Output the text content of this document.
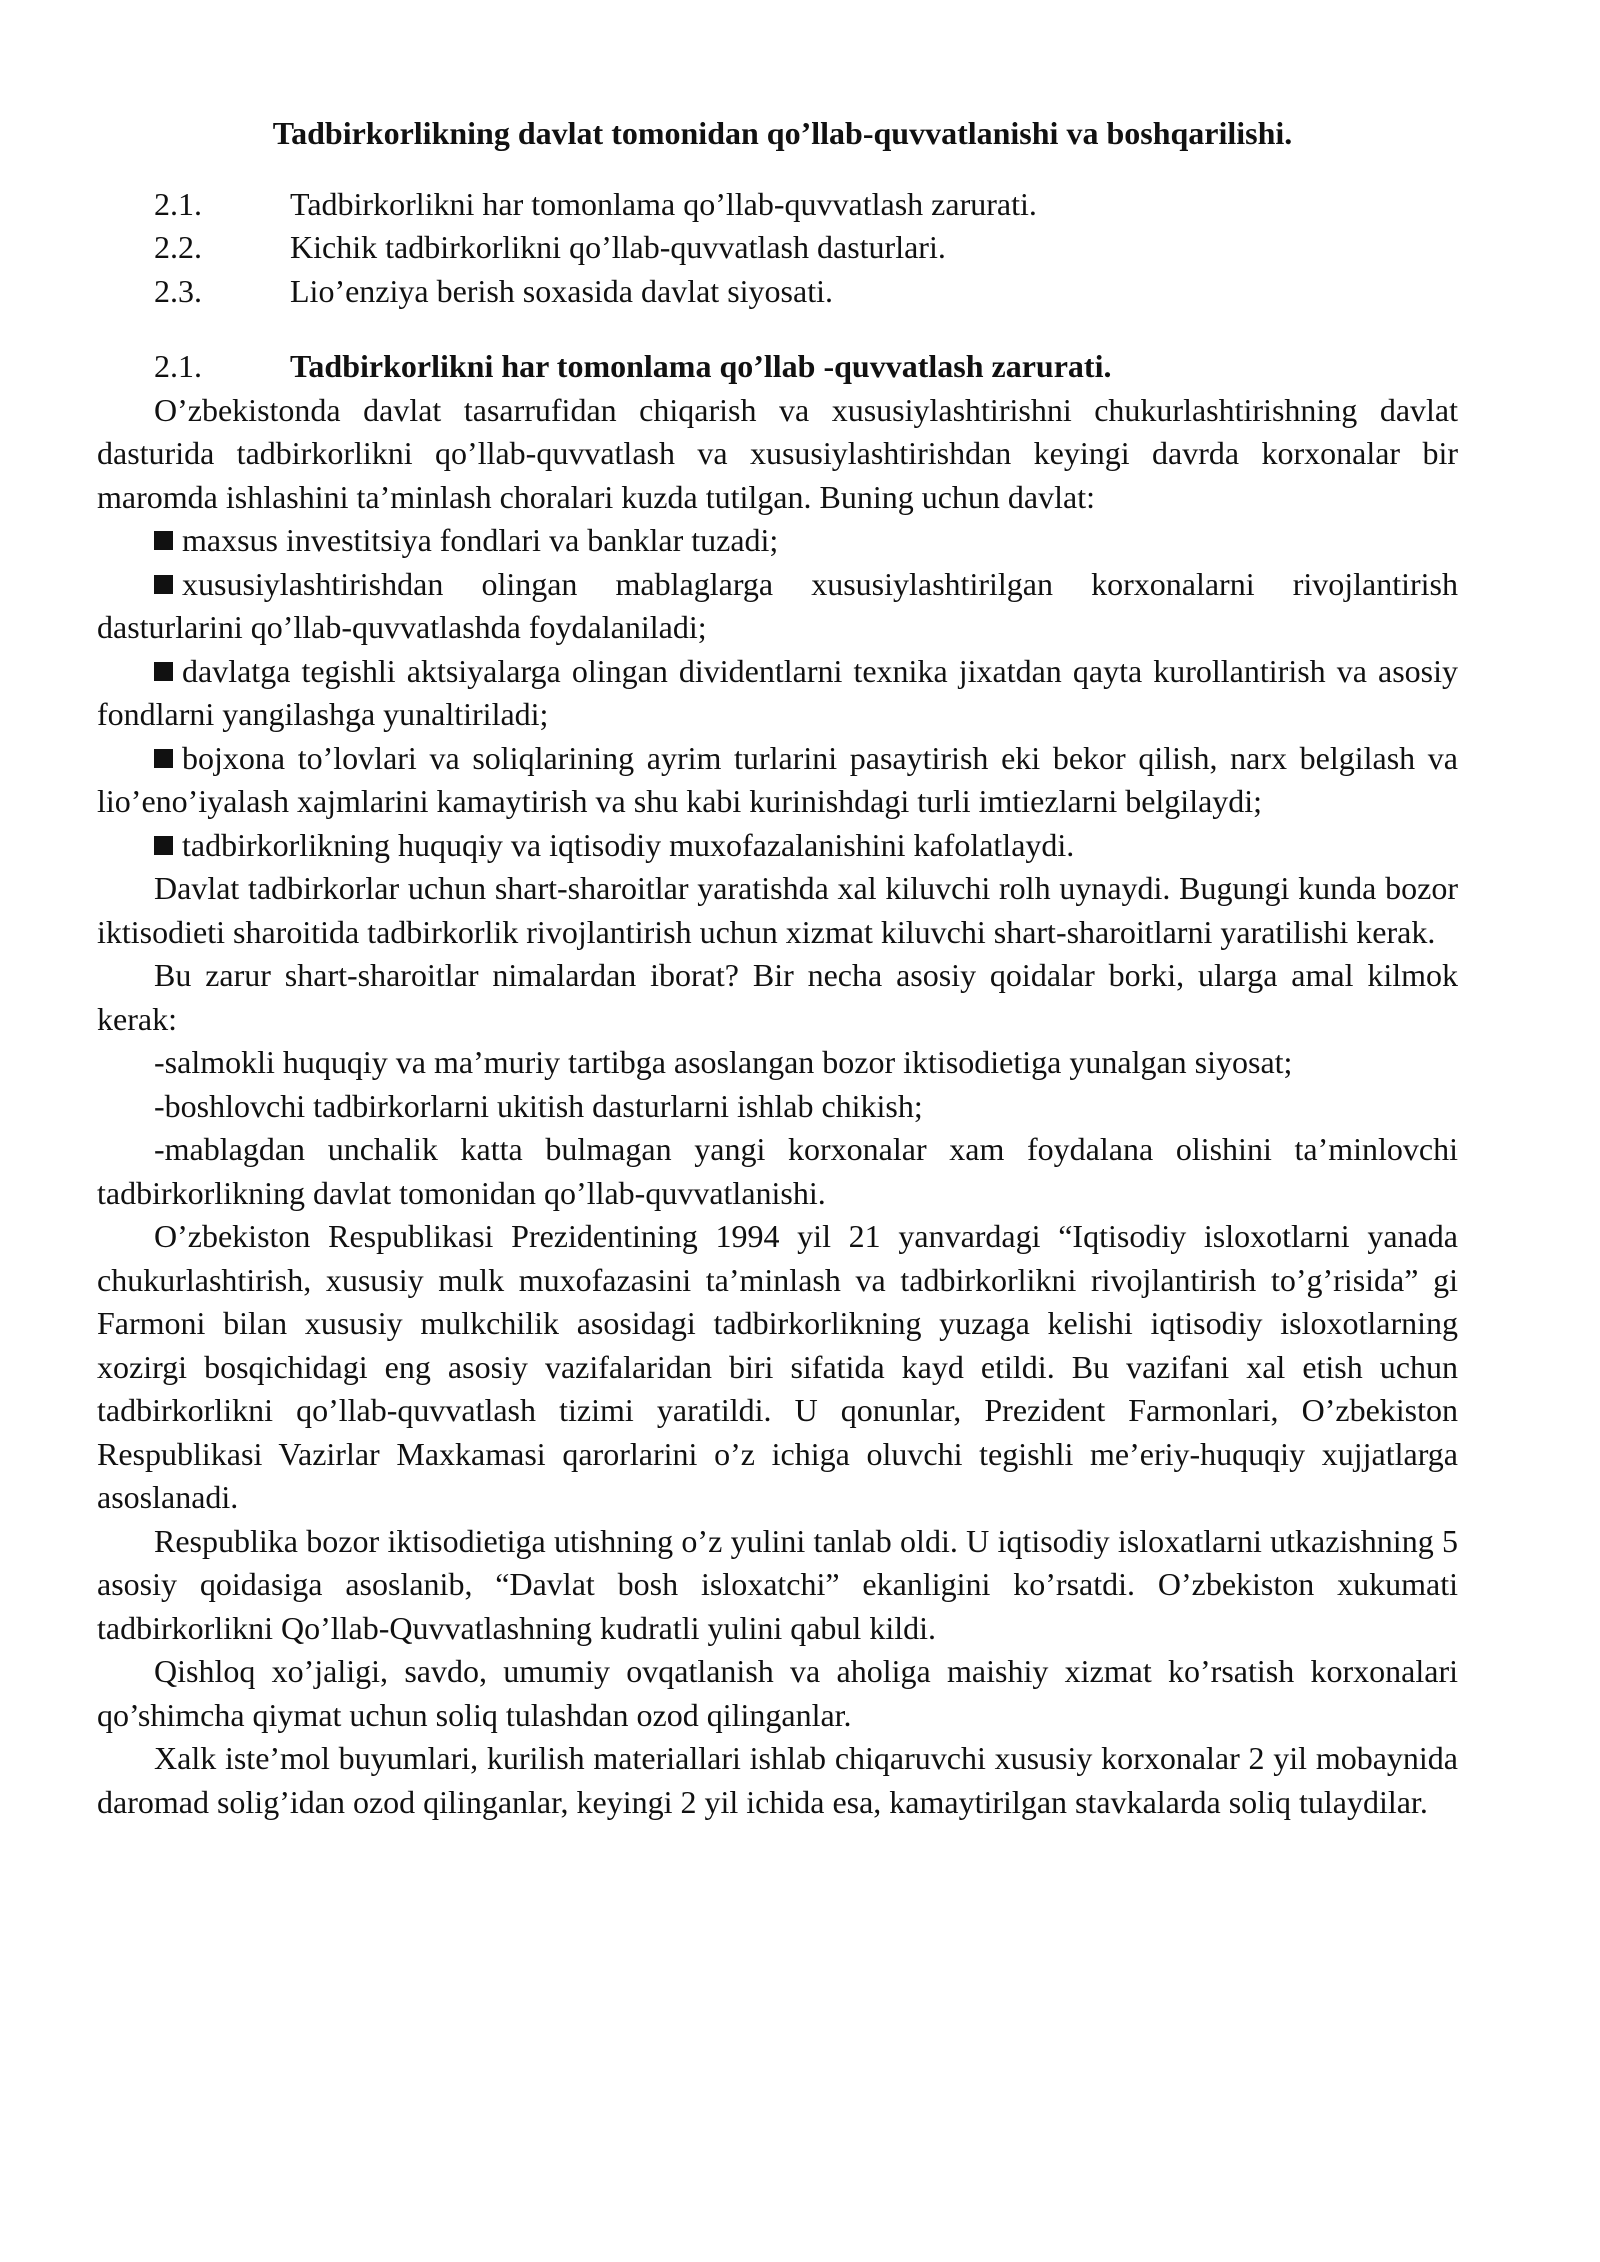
Tadbirkorlikning davlat tomonidan qo’llab-quvvatlanishi va boshqarilishi.
2.1.	Tadbirkorlikni har tomonlama qo’llab-quvvatlash zarurati.
2.2.	Kichik tadbirkorlikni qo’llab-quvvatlash dasturlari.
2.3.	Lio’enziya berish soxasida davlat siyosati.
2.1.	Tadbirkorlikni har tomonlama qo’llab -quvvatlash zarurati.

O’zbekistonda davlat tasarrufidan chiqarish va xususiylashtirishni chukurlashtirishning davlat dasturida tadbirkorlikni qo’llab-quvvatlash va xususiylashtirishdan keyingi davrda korxonalar bir maromda ishlashini ta’minlash choralari kuzda tutilgan. Buning uchun davlat:

maxsus investitsiya fondlari va banklar tuzadi;

xususiylashtirishdan olingan mablaglarga xususiylashtirilgan korxonalarni rivojlantirish dasturlarini qo’llab-quvvatlashda foydalaniladi;

davlatga tegishli aktsiyalarga olingan dividentlarni texnika jixatdan qayta kurollantirish va asosiy fondlarni yangilashga yunaltiriladi;

bojxona to’lovlari va soliqlarining ayrim turlarini pasaytirish eki bekor qilish, narx belgilash va lio’eno’iyalash xajmlarini kamaytirish va shu kabi kurinishdagi turli imtiezlarni belgilaydi;

tadbirkorlikning huquqiy va iqtisodiy muxofazalanishini kafolatlaydi.

Davlat tadbirkorlar uchun shart-sharoitlar yaratishda xal kiluvchi rolh uynaydi. Bugungi kunda bozor iktisodieti sharoitida tadbirkorlik rivojlantirish uchun xizmat kiluvchi shart-sharoitlarni yaratilishi kerak.

Bu zarur shart-sharoitlar nimalardan iborat? Bir necha asosiy qoidalar borki, ularga amal kilmok kerak:

-salmokli huquqiy va ma’muriy tartibga asoslangan bozor iktisodietiga yunalgan siyosat;

-boshlovchi tadbirkorlarni ukitish dasturlarni ishlab chikish;

-mablagdan unchalik katta bulmagan yangi korxonalar xam foydalana olishini ta’minlovchi tadbirkorlikning davlat tomonidan qo’llab-quvvatlanishi.

O’zbekiston Respublikasi Prezidentining 1994 yil 21 yanvardagi “Iqtisodiy isloxotlarni yanada chukurlashtirish, xususiy mulk muxofazasini ta’minlash va tadbirkorlikni rivojlantirish to’g’risida” gi Farmoni bilan xususiy mulkchilik asosidagi tadbirkorlikning yuzaga kelishi iqtisodiy isloxotlarning xozirgi bosqichidagi eng asosiy vazifalaridan biri sifatida kayd etildi. Bu vazifani xal etish uchun tadbirkorlikni qo’llab-quvvatlash tizimi yaratildi. U qonunlar, Prezident Farmonlari, O’zbekiston Respublikasi Vazirlar Maxkamasi qarorlarini o’z ichiga oluvchi tegishli me’eriy-huquqiy xujjatlarga asoslanadi.

Respublika bozor iktisodietiga utishning o’z yulini tanlab oldi. U iqtisodiy isloxatlarni utkazishning 5 asosiy qoidasiga asoslanib, “Davlat bosh isloxatchi” ekanligini ko’rsatdi. O’zbekiston xukumati tadbirkorlikni Qo’llab-Quvvatlashning kudratli yulini qabul kildi.

Qishloq xo’jaligi, savdo, umumiy ovqatlanish va aholiga maishiy xizmat ko’rsatish korxonalari qo’shimcha qiymat uchun soliq tulashdan ozod qilinganlar.

Xalk iste’mol buyumlari, kurilish materiallari ishlab chiqaruvchi xususiy korxonalar 2 yil mobaynida daromad solig’idan ozod qilinganlar, keyingi 2 yil ichida esa, kamaytirilgan stavkalarda soliq tulaydilar.
